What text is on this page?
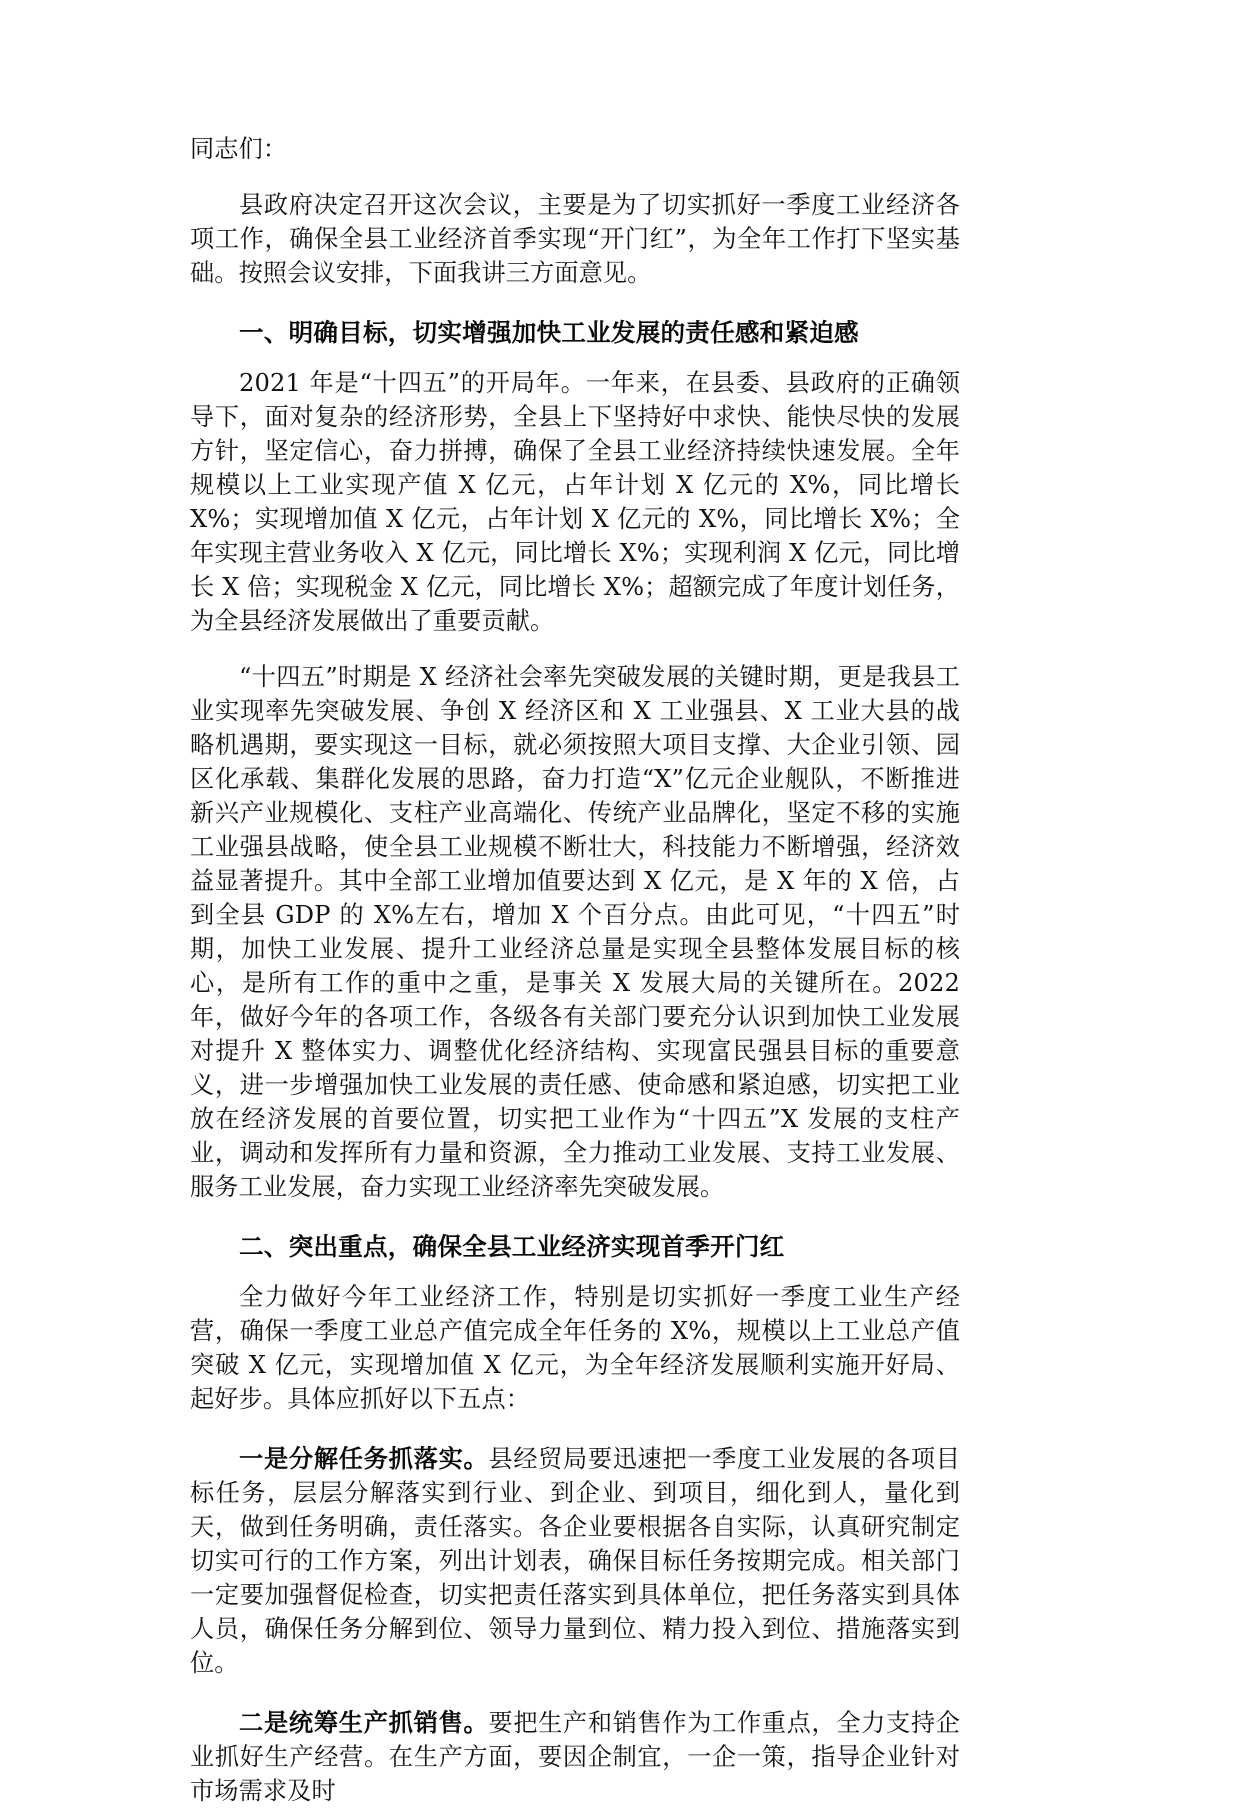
同志们：
县政府决定召开这次会议，主要是为了切实抓好一季度工业经济各项工作，确保全县工业经济首季实现“开门红”，为全年工作打下坚实基础。按照会议安排，下面我讲三方面意见。
一、明确目标，切实增强加快工业发展的责任感和紧迫感
2021 年是“十四五”的开局年。一年来，在县委、县政府的正确领导下，面对复杂的经济形势，全县上下坚持好中求快、能快尽快的发展方针，坚定信心，奋力拼搏，确保了全县工业经济持续快速发展。全年规模以上工业实现产值 X 亿元，占年计划 X 亿元的 X%，同比增长 X%；实现增加值 X 亿元，占年计划 X 亿元的 X%，同比增长 X%；全年实现主营业务收入 X 亿元，同比增长 X%；实现利润 X 亿元，同比增长 X 倍；实现税金 X 亿元，同比增长 X%；超额完成了年度计划任务，为全县经济发展做出了重要贡献。
“十四五”时期是 X 经济社会率先突破发展的关键时期，更是我县工业实现率先突破发展、争创 X 经济区和 X 工业强县、X 工业大县的战略机遇期，要实现这一目标，就必须按照大项目支撑、大企业引领、园区化承载、集群化发展的思路，奋力打造“X”亿元企业舰队，不断推进新兴产业规模化、支柱产业高端化、传统产业品牌化，坚定不移的实施工业强县战略，使全县工业规模不断壮大，科技能力不断增强，经济效益显著提升。其中全部工业增加值要达到 X 亿元，是 X 年的 X 倍，占到全县 GDP 的 X%左右，增加 X 个百分点。由此可见，“十四五”时期，加快工业发展、提升工业经济总量是实现全县整体发展目标的核心，是所有工作的重中之重，是事关 X 发展大局的关键所在。2022 年，做好今年的各项工作，各级各有关部门要充分认识到加快工业发展对提升 X 整体实力、调整优化经济结构、实现富民强县目标的重要意义，进一步增强加快工业发展的责任感、使命感和紧迫感，切实把工业放在经济发展的首要位置，切实把工业作为“十四五”X 发展的支柱产业，调动和发挥所有力量和资源，全力推动工业发展、支持工业发展、服务工业发展，奋力实现工业经济率先突破发展。
二、突出重点，确保全县工业经济实现首季开门红
全力做好今年工业经济工作，特别是切实抓好一季度工业生产经营，确保一季度工业总产值完成全年任务的 X%，规模以上工业总产值突破 X 亿元，实现增加值 X 亿元，为全年经济发展顺利实施开好局、起好步。具体应抓好以下五点：
一是分解任务抓落实。县经贸局要迅速把一季度工业发展的各项目标任务，层层分解落实到行业、到企业、到项目，细化到人，量化到天，做到任务明确，责任落实。各企业要根据各自实际，认真研究制定切实可行的工作方案，列出计划表，确保目标任务按期完成。相关部门一定要加强督促检查，切实把责任落实到具体单位，把任务落实到具体人员，确保任务分解到位、领导力量到位、精力投入到位、措施落实到位。
二是统筹生产抓销售。要把生产和销售作为工作重点，全力支持企业抓好生产经营。在生产方面，要因企制宜，一企一策，指导企业针对市场需求及时
